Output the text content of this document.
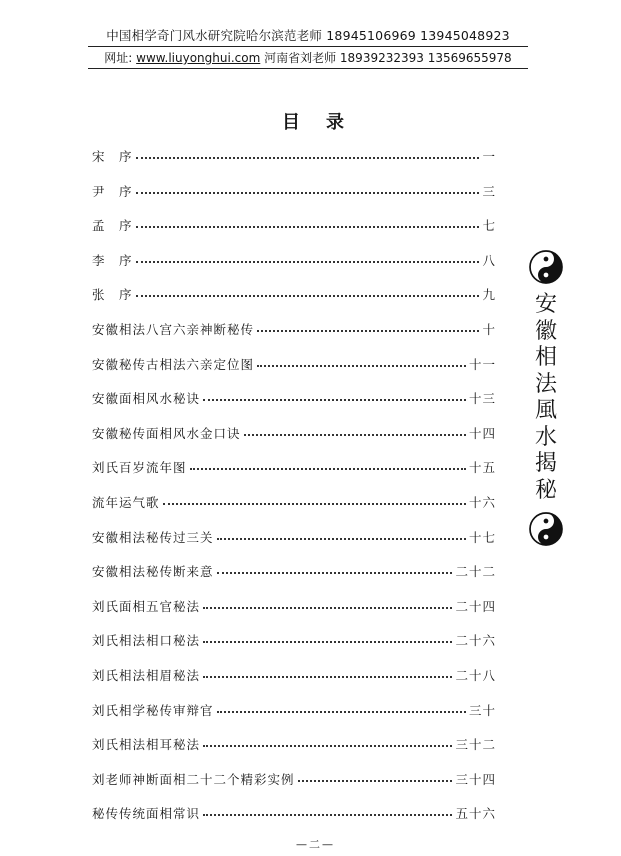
中国相学奇门风水研究院哈尔滨范老师 18945106969 13945048923
网址: www.liuyonghui.com 河南省刘老师 18939232393 13569655978
目录
宋　序	一
尹　序	三
孟　序	七
李　序	八
张　序	九
安徽相法八宫六亲神断秘传	十
安徽秘传古相法六亲定位图	十一
安徽面相风水秘诀	十三
安徽秘传面相风水金口诀	十四
刘氏百岁流年图	十五
流年运气歌	十六
安徽相法秘传过三关	十七
安徽相法秘传断来意	二十二
刘氏面相五官秘法	二十四
刘氏相法相口秘法	二十六
刘氏相法相眉秘法	二十八
刘氏相学秘传审辩官	三十
刘氏相法相耳秘法	三十二
刘老师神断面相二十二个精彩实例	三十四
秘传传统面相常识	五十六
安徽相法風水揭秘
—二—
